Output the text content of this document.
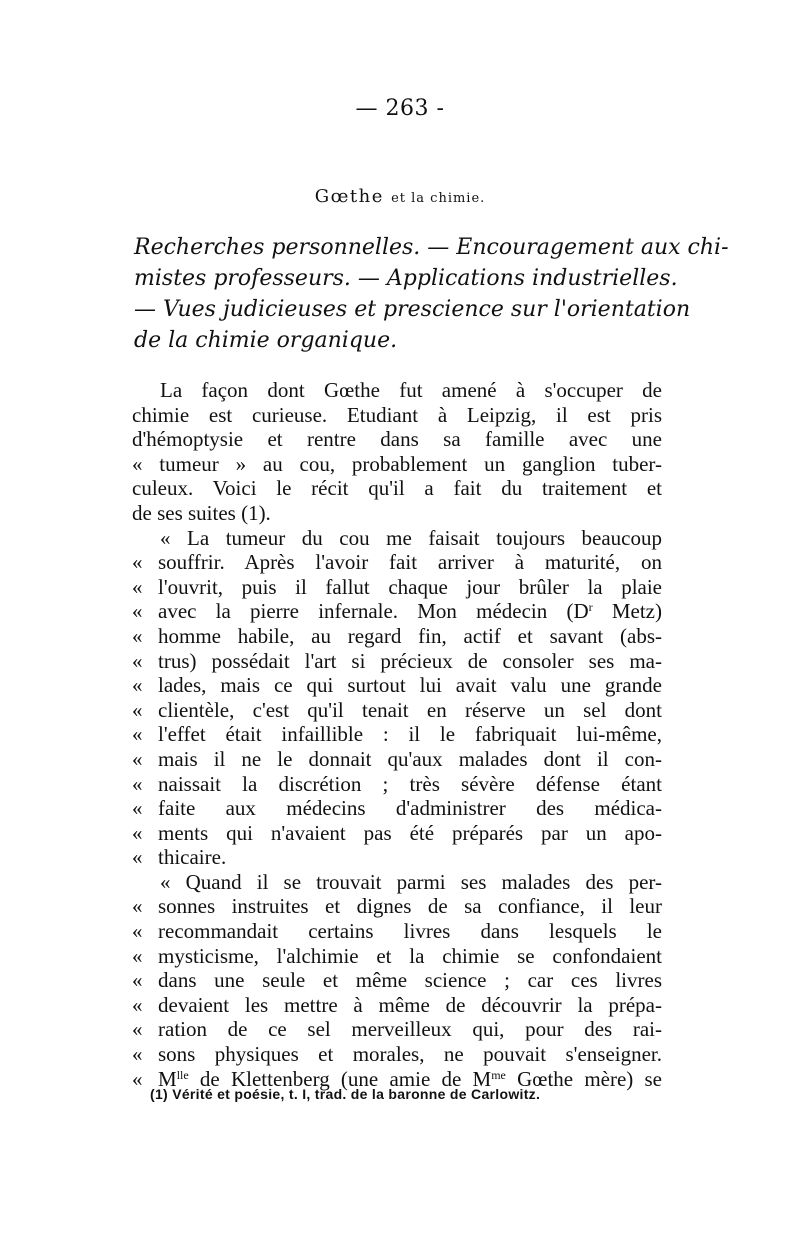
— 263 -
Gœthe et la chimie.
Recherches personnelles. — Encouragement aux chi-
mistes professeurs. — Applications industrielles.
— Vues judicieuses et prescience sur l'orientation
de la chimie organique.
La façon dont Gœthe fut amené à s'occuper de
chimie est curieuse. Etudiant à Leipzig, il est pris
d'hémoptysie et rentre dans sa famille avec une
« tumeur » au cou, probablement un ganglion tuber-
culeux. Voici le récit qu'il a fait du traitement et
de ses suites (1).
« La tumeur du cou me faisait toujours beaucoup
« souffrir. Après l'avoir fait arriver à maturité, on
« l'ouvrit, puis il fallut chaque jour brûler la plaie
« avec la pierre infernale. Mon médecin ($D^r$ Metz)
« homme habile, au regard fin, actif et savant (abs-
« trus) possédait l'art si précieux de consoler ses ma-
« lades, mais ce qui surtout lui avait valu une grande
« clientèle, c'est qu'il tenait en réserve un sel dont
« l'effet était infaillible : il le fabriquait lui-même,
« mais il ne le donnait qu'aux malades dont il con-
« naissait la discrétion ; très sévère défense étant
« faite aux médecins d'administrer des médica-
« ments qui n'avaient pas été préparés par un apo-
« thicaire.
« Quand il se trouvait parmi ses malades des per-
« sonnes instruites et dignes de sa confiance, il leur
« recommandait certains livres dans lesquels le
« mysticisme, l'alchimie et la chimie se confondaient
« dans une seule et même science ; car ces livres
« devaient les mettre à même de découvrir la prépa-
« ration de ce sel merveilleux qui, pour des rai-
« sons physiques et morales, ne pouvait s'enseigner.
« $M^{lle}$ de Klettenberg (une amie de $M^{me}$ Gœthe mère) se
(1) Vérité et poésie, t. I, trad. de la baronne de Carlowitz.
